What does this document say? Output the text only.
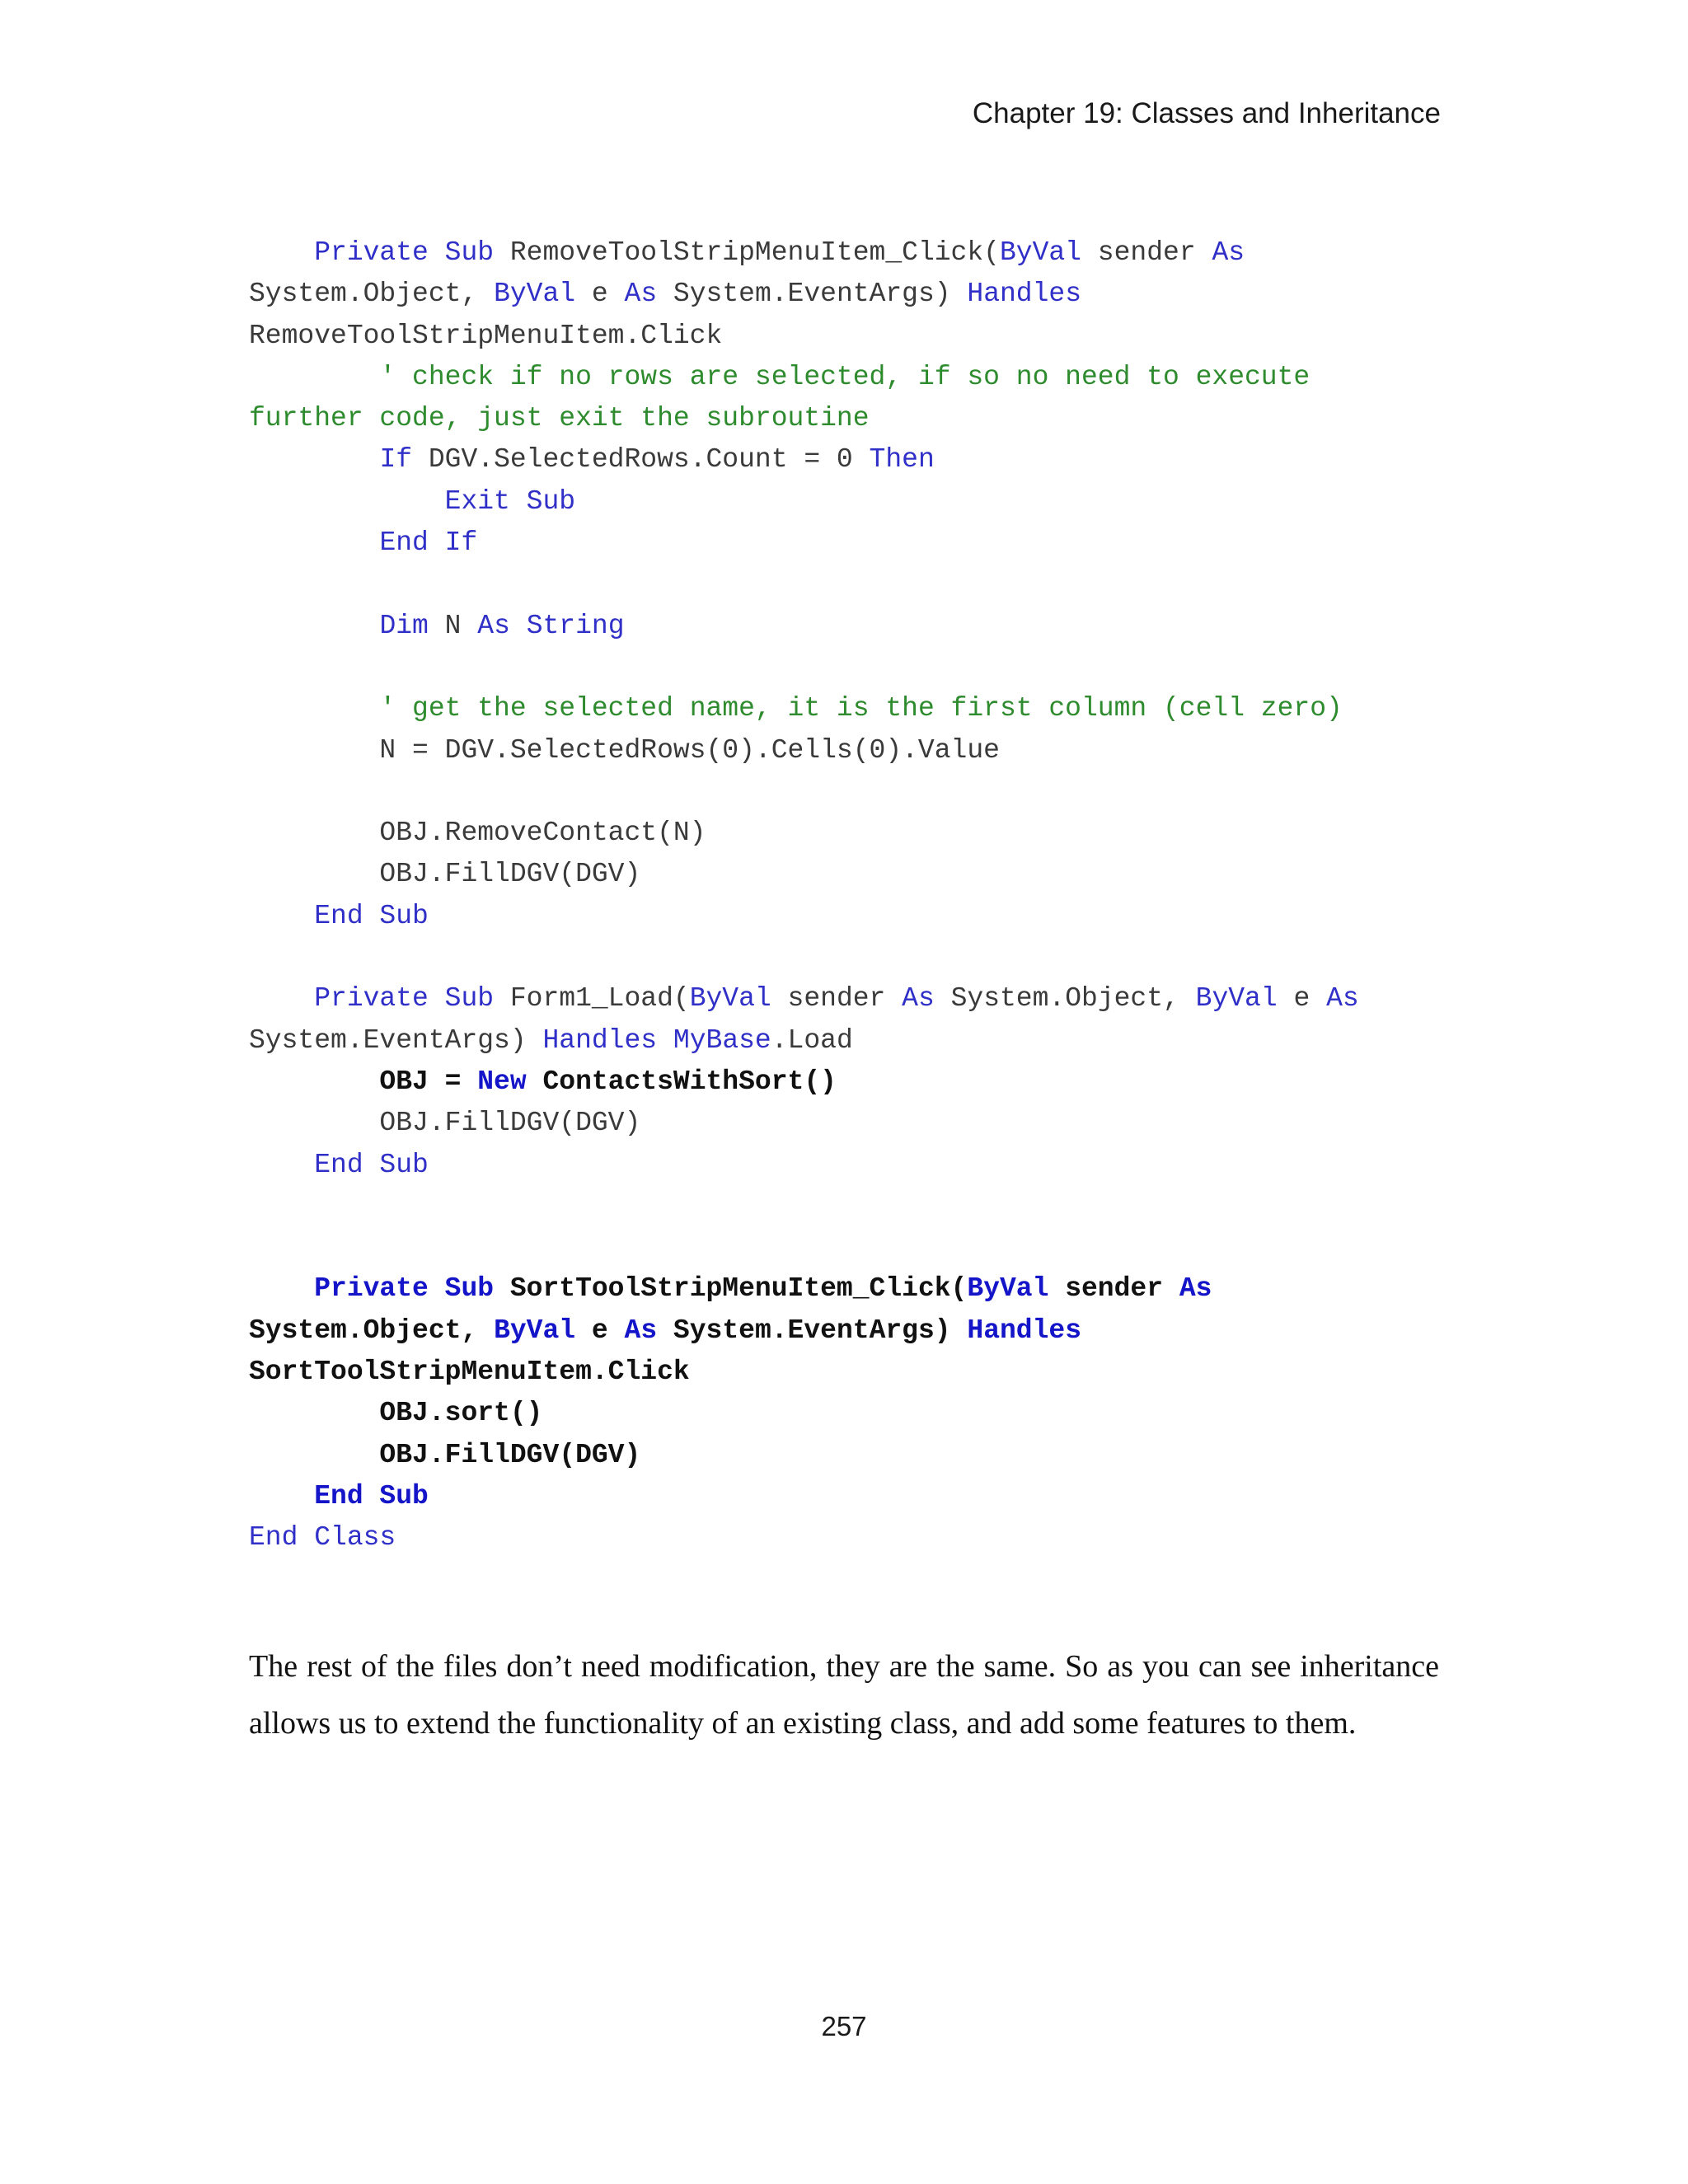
Chapter 19: Classes and Inheritance
Private Sub RemoveToolStripMenuItem_Click(ByVal sender As
System.Object, ByVal e As System.EventArgs) Handles
RemoveToolStripMenuItem.Click
' check if no rows are selected, if so no need to execute
further code, just exit the subroutine
If DGV.SelectedRows.Count = 0 Then
Exit Sub
End If

Dim N As String

' get the selected name, it is the first column (cell zero)
N = DGV.SelectedRows(0).Cells(0).Value

OBJ.RemoveContact(N)
OBJ.FillDGV(DGV)
End Sub

Private Sub Form1_Load(ByVal sender As System.Object, ByVal e As
System.EventArgs) Handles MyBase.Load
OBJ = New ContactsWithSort()
OBJ.FillDGV(DGV)
End Sub

Private Sub SortToolStripMenuItem_Click(ByVal sender As
System.Object, ByVal e As System.EventArgs) Handles
SortToolStripMenuItem.Click
OBJ.sort()
OBJ.FillDGV(DGV)
End Sub
End Class

The rest of the files don’t need modification, they are the same. So as you can see inheritance allows us to extend the functionality of an existing class, and add some features to them.

257
